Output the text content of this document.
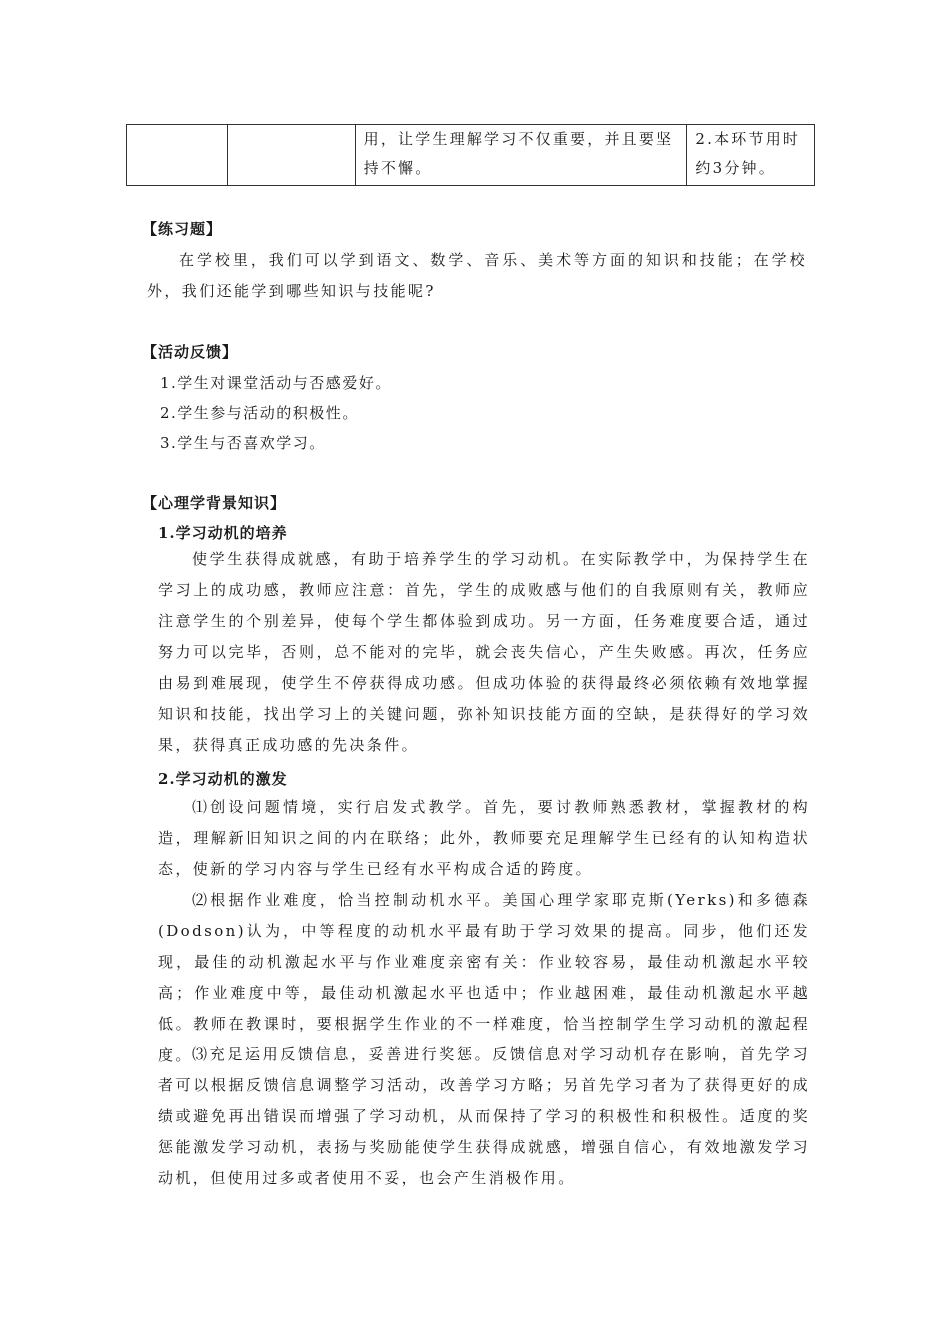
		用，让学生理解学习不仅重要，并且要坚持不懈。	2.本环节用时约3分钟。
【练习题】

在学校里，我们可以学到语文、数学、音乐、美术等方面的知识和技能；在学校外，我们还能学到哪些知识与技能呢?

【活动反馈】
1.学生对课堂活动与否感爱好。
2.学生参与活动的积极性。
3.学生与否喜欢学习。
【心理学背景知识】
1.学习动机的培养

使学生获得成就感，有助于培养学生的学习动机。在实际教学中，为保持学生在学习上的成功感，教师应注意：首先，学生的成败感与他们的自我原则有关，教师应注意学生的个别差异，使每个学生都体验到成功。另一方面，任务难度要合适，通过努力可以完毕，否则，总不能对的完毕，就会丧失信心，产生失败感。再次，任务应由易到难展现，使学生不停获得成功感。但成功体验的获得最终必须依赖有效地掌握知识和技能，找出学习上的关键问题，弥补知识技能方面的空缺，是获得好的学习效果，获得真正成功感的先决条件。

2.学习动机的激发

⑴创设问题情境，实行启发式教学。首先，要讨教师熟悉教材，掌握教材的构造，理解新旧知识之间的内在联络；此外，教师要充足理解学生已经有的认知构造状态，使新的学习内容与学生已经有水平构成合适的跨度。

⑵根据作业难度，恰当控制动机水平。美国心理学家耶克斯(Yerks)和多德森(Dodson)认为，中等程度的动机水平最有助于学习效果的提高。同步，他们还发现，最佳的动机激起水平与作业难度亲密有关：作业较容易，最佳动机激起水平较高；作业难度中等，最佳动机激起水平也适中；作业越困难，最佳动机激起水平越低。教师在教课时，要根据学生作业的不一样难度，恰当控制学生学习动机的激起程度。 ⑶充足运用反馈信息，妥善进行奖惩。反馈信息对学习动机存在影响，首先学习者可以根据反馈信息调整学习活动，改善学习方略；另首先学习者为了获得更好的成绩或避免再出错误而增强了学习动机，从而保持了学习的积极性和积极性。适度的奖惩能激发学习动机，表扬与奖励能使学生获得成就感，增强自信心，有效地激发学习动机，但使用过多或者使用不妥，也会产生消极作用。
